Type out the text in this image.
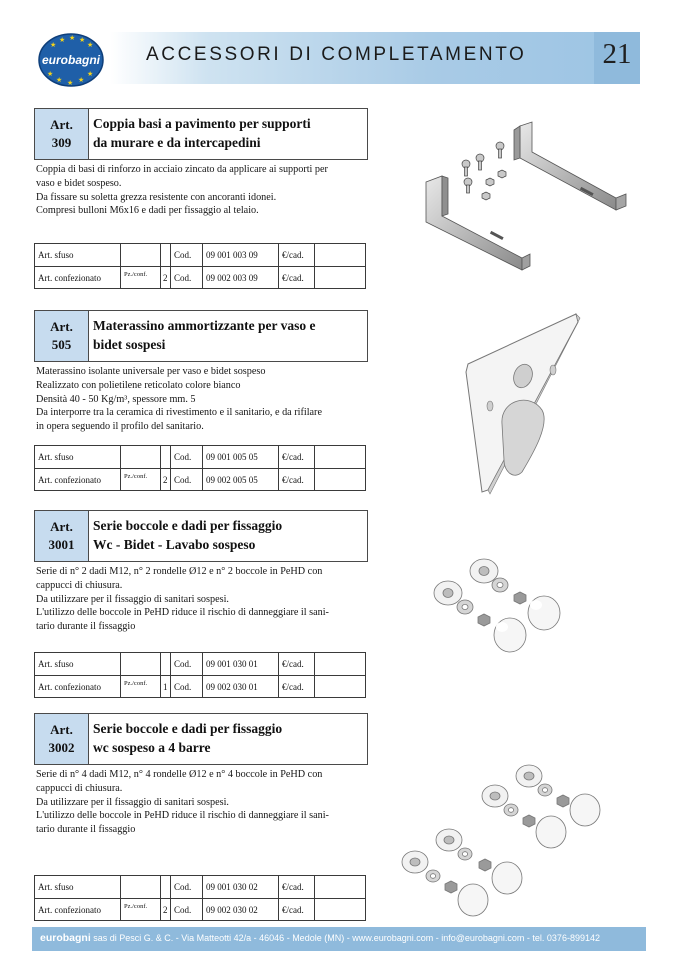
ACCESSORI DI COMPLETAMENTO	21
★
★ ★ ★
★
★
★ ★ ★
★
eurobagni
Art.
309
Coppia basi a pavimento per supporti
da murare e da intercapedini
Coppia di basi di rinforzo in acciaio zincato da applicare ai supporti per
vaso e bidet sospeso.
Da fissare su soletta grezza resistente con ancoranti idonei.
Compresi bulloni M6x16 e dadi per fissaggio al telaio.
Art. sfuso	Cod.	09 001 003 09	€/cad.
Art. confezionato	Pz./conf.	2 Cod.	09 002 003 09	€/cad.
Art.
505
Materassino ammortizzante per vaso e
bidet sospesi
Materassino isolante universale per vaso e bidet sospeso
Realizzato con polietilene reticolato colore bianco
Densità 40 - 50 Kg/m³, spessore mm. 5
Da interporre tra la ceramica di rivestimento e il sanitario, e da rifilare
in opera seguendo il profilo del sanitario.
Art. sfuso	Cod.	09 001 005 05	€/cad.
Art. confezionato	Pz./conf.	2 Cod.	09 002 005 05	€/cad.
Art.
3001
Serie boccole e dadi per fissaggio
Wc - Bidet - Lavabo sospeso
Serie di n° 2 dadi M12, n° 2 rondelle Ø12 e n° 2 boccole in PeHD con
cappucci di chiusura.
Da utilizzare per il fissaggio di sanitari sospesi.
L'utilizzo delle boccole in PeHD riduce il rischio di danneggiare il sani-
tario durante il fissaggio
Art. sfuso	Cod.	09 001 030 01	€/cad.
Art. confezionato	Pz./conf.	1 Cod.	09 002 030 01	€/cad.
Art.
3002
Serie boccole e dadi per fissaggio
wc sospeso a 4 barre
Serie di n° 4 dadi M12, n° 4 rondelle Ø12 e n° 4 boccole in PeHD con
cappucci di chiusura.
Da utilizzare per il fissaggio di sanitari sospesi.
L'utilizzo delle boccole in PeHD riduce il rischio di danneggiare il sani-
tario durante il fissaggio
Art. sfuso	Cod.	09 001 030 02	€/cad.
Art. confezionato	Pz./conf.	2 Cod.	09 002 030 02	€/cad.
eurobagni sas di Pesci G. & C. - Via Matteotti 42/a - 46046 - Medole (MN) - www.eurobagni.com - info@eurobagni.com - tel. 0376-899142
